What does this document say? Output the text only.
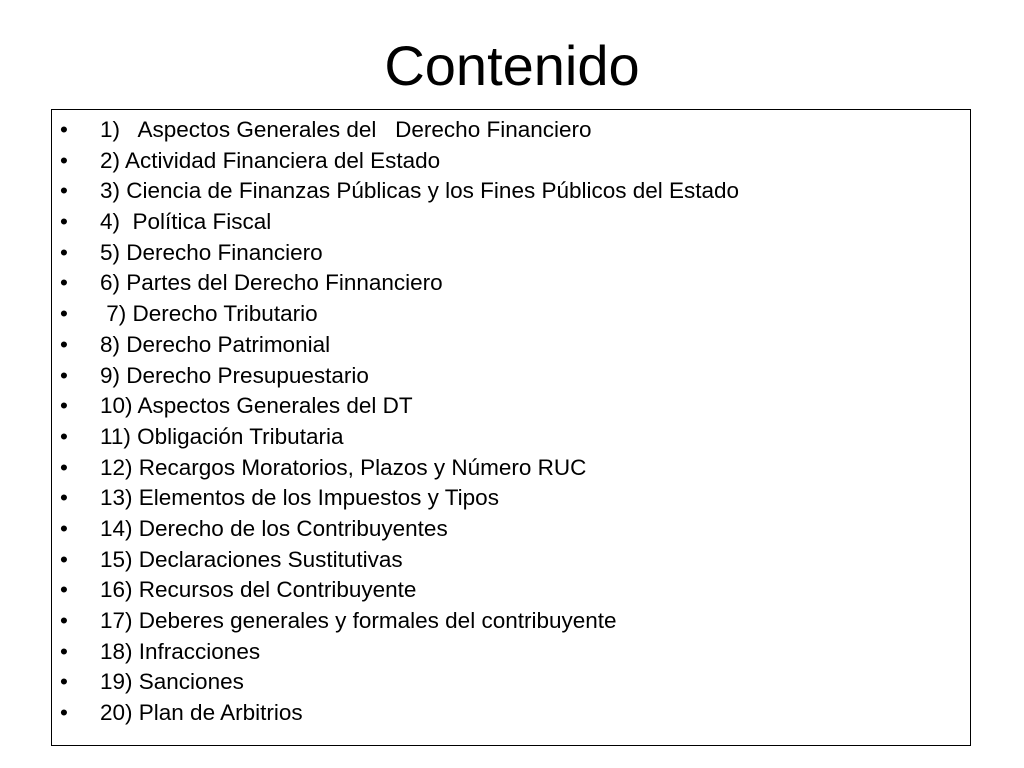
Contenido
• 1)   Aspectos Generales del   Derecho Financiero
• 2) Actividad Financiera del Estado
• 3) Ciencia de Finanzas Públicas y los Fines Públicos del Estado
• 4)  Política Fiscal
• 5) Derecho Financiero
• 6) Partes del Derecho Finnanciero
• 7) Derecho Tributario
• 8) Derecho Patrimonial
• 9) Derecho Presupuestario
• 10) Aspectos Generales del DT
• 11) Obligación Tributaria
• 12) Recargos Moratorios, Plazos y Número RUC
• 13) Elementos de los Impuestos y Tipos
• 14) Derecho de los Contribuyentes
• 15) Declaraciones Sustitutivas
• 16) Recursos del Contribuyente
• 17) Deberes generales y formales del contribuyente
• 18) Infracciones
• 19) Sanciones
• 20) Plan de Arbitrios
